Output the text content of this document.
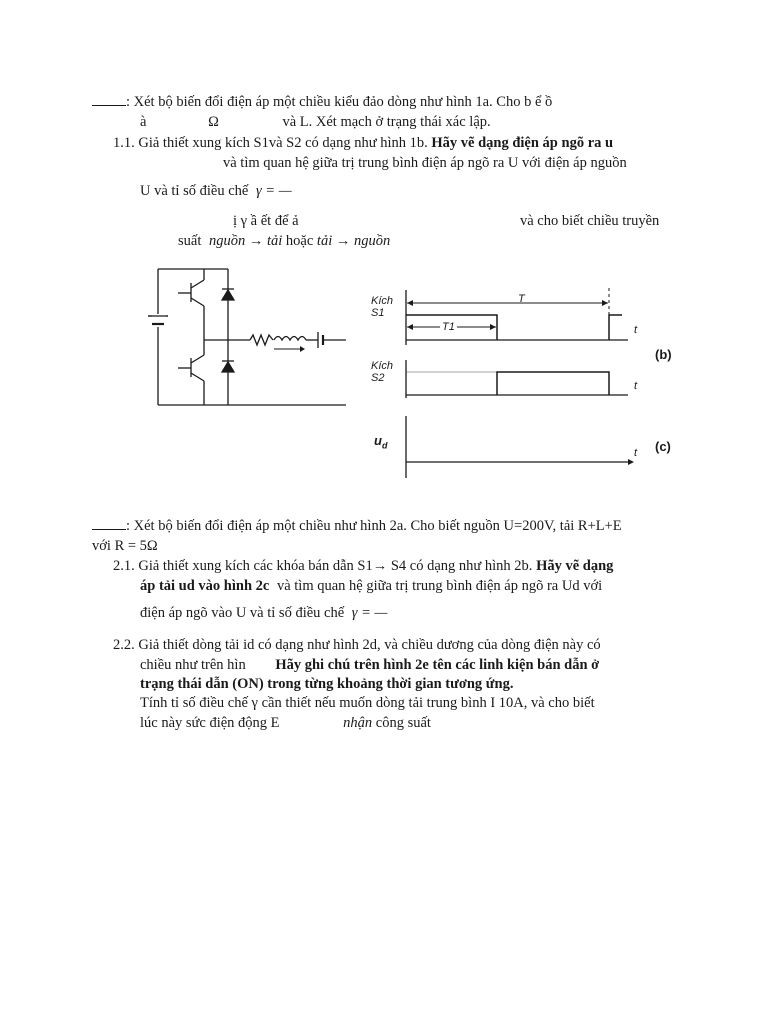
: Xét bộ biến đổi điện áp một chiều kiểu đảo dòng như hình 1a. Cho b ể ồ
à	Ω	và L. Xét mạch ở trạng thái xác lập.
1.1. Giả thiết xung kích S1và S2 có dạng như hình 1b. Hãy vẽ dạng điện áp ngõ ra u
và tìm quan hệ giữa trị trung bình điện áp ngõ ra U với điện áp nguồn
U và tỉ số điều chế γ = —
ị γ ầ ết để ả	và cho biết chiều truyền
suất nguồn → tải hoặc tải → nguồn
Kích
S1
Kích
S2
T
T1	t
t
t
$u_d$
(b)
(c)
: Xét bộ biến đổi điện áp một chiều như hình 2a. Cho biết nguồn U=200V, tải R+L+E
với R = 5Ω
2.1. Giả thiết xung kích các khóa bán dẫn S1→ S4 có dạng như hình 2b. Hãy vẽ dạng
áp tải ud vào hình 2c và tìm quan hệ giữa trị trung bình điện áp ngõ ra Ud với
điện áp ngõ vào U và tỉ số điều chế γ = —
2.2. Giả thiết dòng tải id có dạng như hình 2d, và chiều dương của dòng điện này có
chiều như trên hìn Hãy ghi chú trên hình 2e tên các linh kiện bán dẫn ở
trạng thái dẫn (ON) trong từng khoảng thời gian tương ứng.
Tính tỉ số điều chế γ cần thiết nếu muốn dòng tải trung bình I 10A, và cho biết
lúc này sức điện động E	nhận công suất
